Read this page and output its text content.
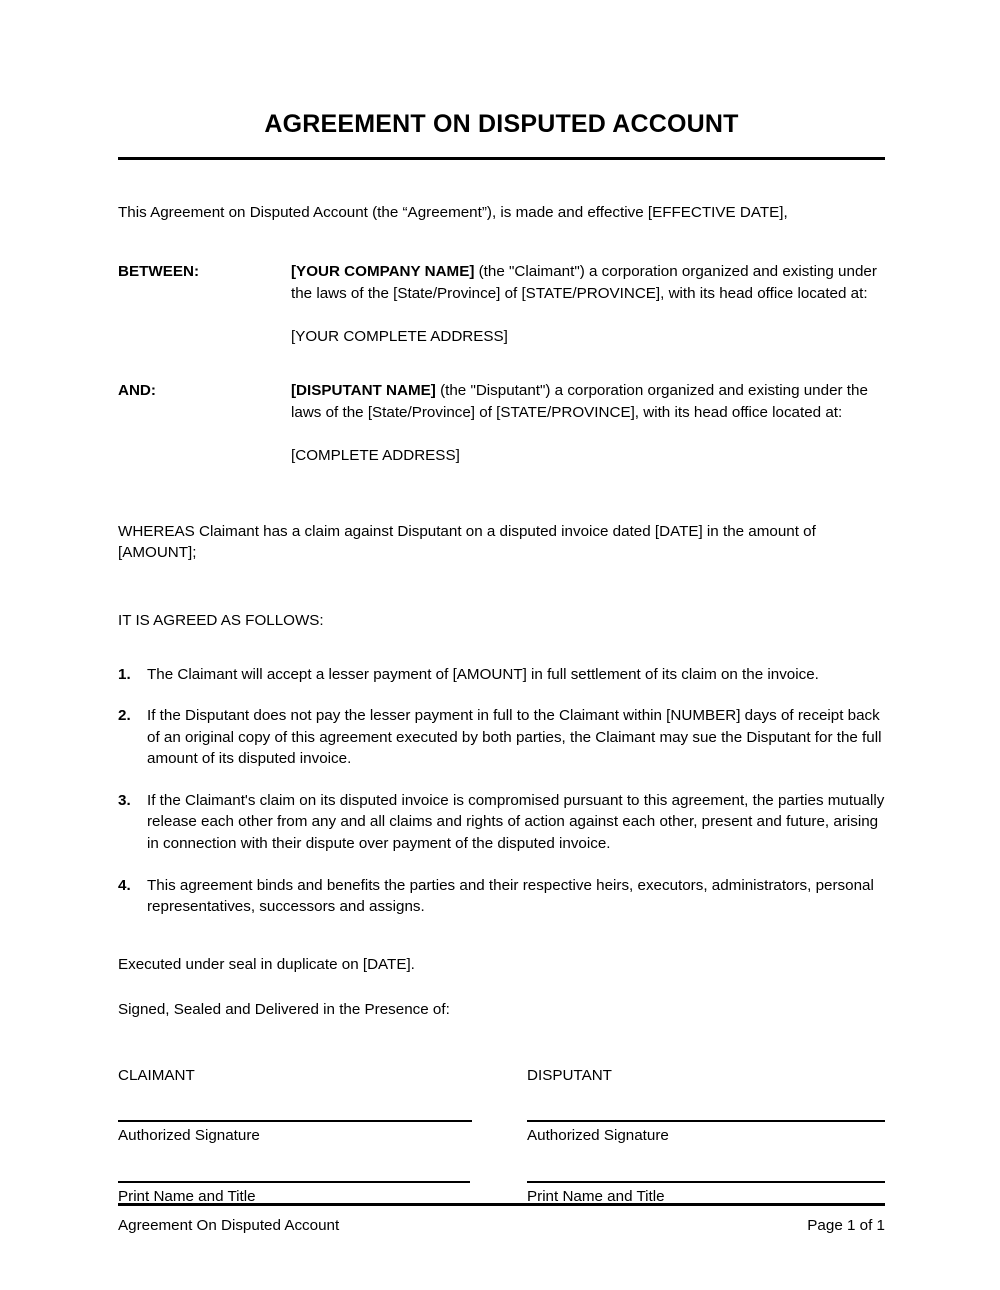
AGREEMENT ON DISPUTED ACCOUNT

This Agreement on Disputed Account (the “Agreement”), is made and effective [EFFECTIVE DATE],

BETWEEN:	[YOUR COMPANY NAME] (the "Claimant") a corporation organized and existing under the laws of the [State/Province] of [STATE/PROVINCE], with its head office located at:
[YOUR COMPLETE ADDRESS]
AND:	[DISPUTANT NAME] (the "Disputant") a corporation organized and existing under the laws of the [State/Province] of [STATE/PROVINCE], with its head office located at:
[COMPLETE ADDRESS]

WHEREAS Claimant has a claim against Disputant on a disputed invoice dated [DATE] in the amount of [AMOUNT];

IT IS AGREED AS FOLLOWS:

1.	The Claimant will accept a lesser payment of [AMOUNT] in full settlement of its claim on the invoice.
2.	If the Disputant does not pay the lesser payment in full to the Claimant within [NUMBER] days of receipt back of an original copy of this agreement executed by both parties, the Claimant may sue the Disputant for the full amount of its disputed invoice.
3.	If the Claimant's claim on its disputed invoice is compromised pursuant to this agreement, the parties mutually release each other from any and all claims and rights of action against each other, present and future, arising in connection with their dispute over payment of the disputed invoice.
4.	This agreement binds and benefits the parties and their respective heirs, executors, administrators, personal representatives, successors and assigns.

Executed under seal in duplicate on [DATE].

Signed, Sealed and Delivered in the Presence of:

CLAIMANT
Authorized Signature
Print Name and Title
DISPUTANT
Authorized Signature
Print Name and Title
Agreement On Disputed Account	Page 1 of 1
